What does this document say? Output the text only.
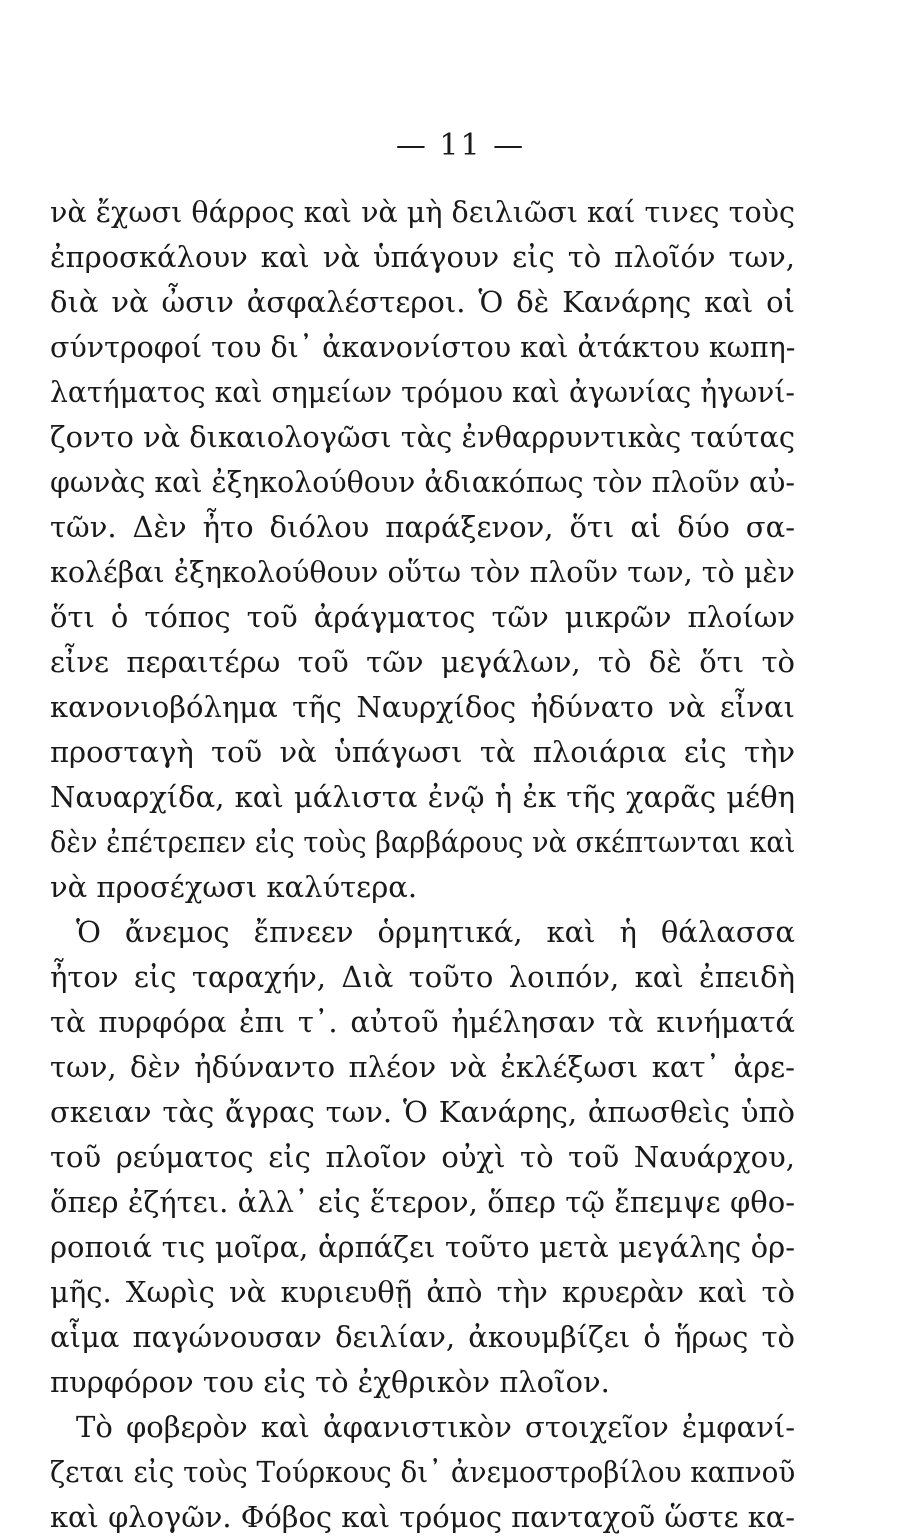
— 11 —
νὰ ἔχωσι θάρρος καὶ νὰ μὴ δειλιῶσι καί τινες τοὺς
ἐπροσκάλουν καὶ νὰ ὑπάγουν εἰς τὸ πλοῖόν των,
διὰ νὰ ὦσιν ἀσφαλέστεροι. Ὁ δὲ Κανάρης καὶ οἱ
σύντροφοί του δι᾽ ἀκανονίστου καὶ ἀτάκτου κωπη-
λατήματος καὶ σημείων τρόμου καὶ ἀγωνίας ἠγωνί-
ζοντο νὰ δικαιολογῶσι τὰς ἐνθαρρυντικὰς ταύτας
φωνὰς καὶ ἐξηκολούθουν ἀδιακόπως τὸν πλοῦν αὐ-
τῶν. Δὲν ἦτο διόλου παράξενον, ὅτι αἱ δύο σα-
κολέβαι ἐξηκολούθουν οὕτω τὸν πλοῦν των, τὸ μὲν
ὅτι ὁ τόπος τοῦ ἀράγματος τῶν μικρῶν πλοίων
εἶνε περαιτέρω τοῦ τῶν μεγάλων, τὸ δὲ ὅτι τὸ
κανονιοβόλημα τῆς Ναυρχίδος ἠδύνατο νὰ εἶναι
προσταγὴ τοῦ νὰ ὑπάγωσι τὰ πλοιάρια εἰς τὴν
Ναυαρχίδα, καὶ μάλιστα ἐνῷ ἡ ἐκ τῆς χαρᾶς μέθη
δὲν ἐπέτρεπεν εἰς τοὺς βαρβάρους νὰ σκέπτωνται καὶ
νὰ προσέχωσι καλύτερα.
Ὁ ἄνεμος ἔπνεεν ὁρμητικά, καὶ ἡ θάλασσα
ἦτον εἰς ταραχήν, Διὰ τοῦτο λοιπόν, καὶ ἐπειδὴ
τὰ πυρφόρα ἐπι τ᾽. αὐτοῦ ἠμέλησαν τὰ κινήματά
των, δὲν ἠδύναντο πλέον νὰ ἐκλέξωσι κατ᾽ ἀρε-
σκειαν τὰς ἄγρας των. Ὁ Κανάρης, ἀπωσθεὶς ὑπὸ
τοῦ ρεύματος εἰς πλοῖον οὐχὶ τὸ τοῦ Ναυάρχου,
ὅπερ ἐζήτει. ἀλλ᾽ εἰς ἕτερον, ὅπερ τῷ ἔπεμψε φθο-
ροποιά τις μοῖρα, ἁρπάζει τοῦτο μετὰ μεγάλης ὁρ-
μῆς. Χωρὶς νὰ κυριευθῇ ἀπὸ τὴν κρυερὰν καὶ τὸ
αἷμα παγώνουσαν δειλίαν, ἀκουμβίζει ὁ ἥρως τὸ
πυρφόρον του εἰς τὸ ἐχθρικὸν πλοῖον.
Τὸ φοβερὸν καὶ ἀφανιστικὸν στοιχεῖον ἐμφανί-
ζεται εἰς τοὺς Τούρκους δι᾽ ἀνεμοστροβίλου καπνοῦ
καὶ φλογῶν. Φόβος καὶ τρόμος πανταχοῦ ὥστε κα-
